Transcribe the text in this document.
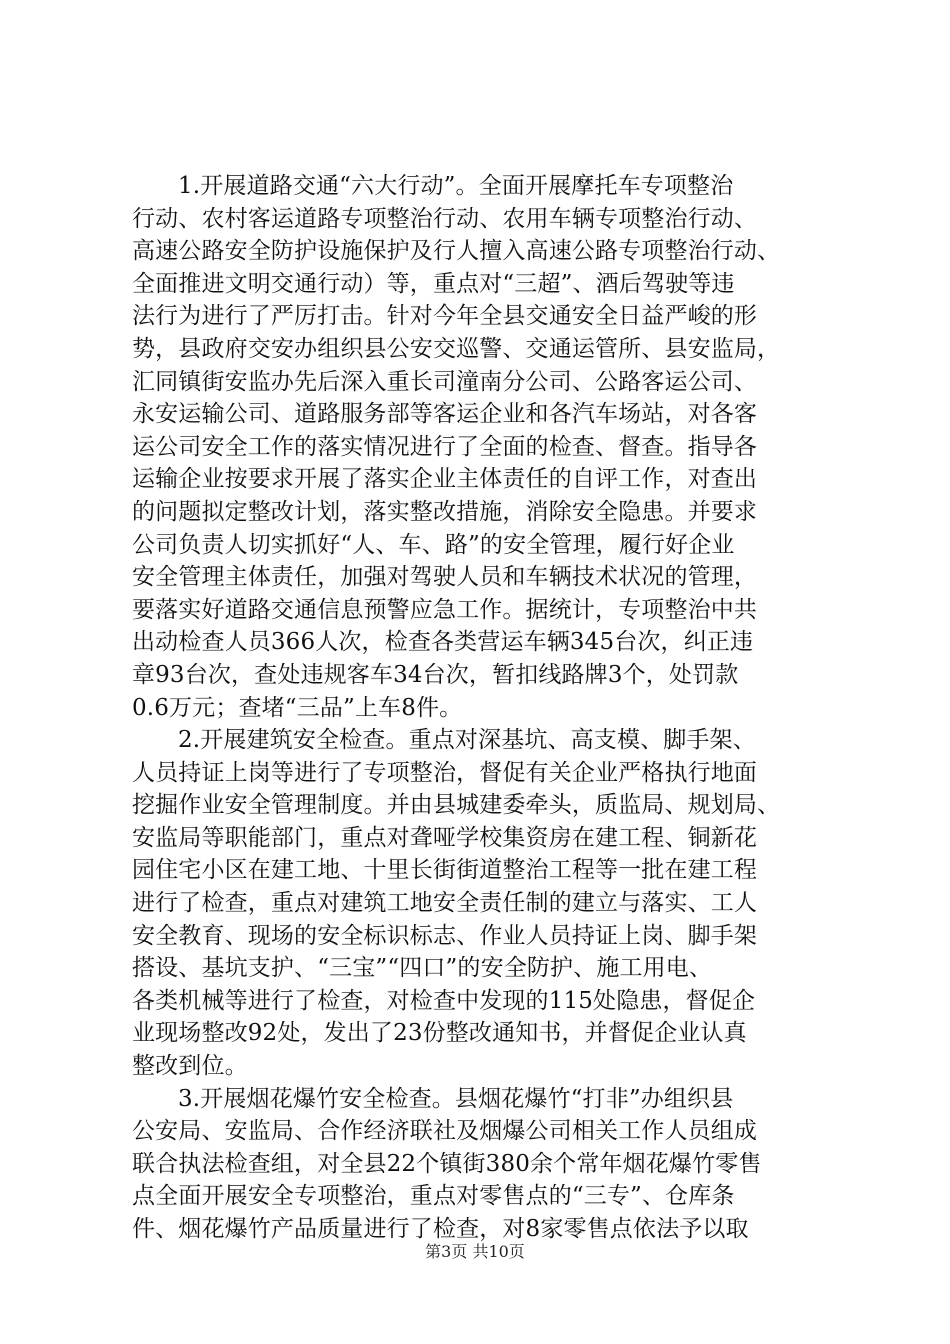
1.开展道路交通“六大行动”。全面开展摩托车专项整治
行动、农村客运道路专项整治行动、农用车辆专项整治行动、
高速公路安全防护设施保护及行人擅入高速公路专项整治行动、
全面推进文明交通行动）等，重点对“三超”、酒后驾驶等违
法行为进行了严厉打击。针对今年全县交通安全日益严峻的形
势，县政府交安办组织县公安交巡警、交通运管所、县安监局，
汇同镇街安监办先后深入重长司潼南分公司、公路客运公司、
永安运输公司、道路服务部等客运企业和各汽车场站，对各客
运公司安全工作的落实情况进行了全面的检查、督查。指导各
运输企业按要求开展了落实企业主体责任的自评工作，对查出
的问题拟定整改计划，落实整改措施，消除安全隐患。并要求
公司负责人切实抓好“人、车、路”的安全管理，履行好企业
安全管理主体责任，加强对驾驶人员和车辆技术状况的管理，
要落实好道路交通信息预警应急工作。据统计，专项整治中共
出动检查人员366人次，检查各类营运车辆345台次，纠正违
章93台次，查处违规客车34台次，暂扣线路牌3个，处罚款
0.6万元；查堵“三品”上车8件。
2.开展建筑安全检查。重点对深基坑、高支模、脚手架、
人员持证上岗等进行了专项整治，督促有关企业严格执行地面
挖掘作业安全管理制度。并由县城建委牵头，质监局、规划局、
安监局等职能部门，重点对聋哑学校集资房在建工程、铜新花
园住宅小区在建工地、十里长街街道整治工程等一批在建工程
进行了检查，重点对建筑工地安全责任制的建立与落实、工人
安全教育、现场的安全标识标志、作业人员持证上岗、脚手架
搭设、基坑支护、“三宝”“四口”的安全防护、施工用电、
各类机械等进行了检查，对检查中发现的115处隐患，督促企
业现场整改92处，发出了23份整改通知书，并督促企业认真
整改到位。
3.开展烟花爆竹安全检查。县烟花爆竹“打非”办组织县
公安局、安监局、合作经济联社及烟爆公司相关工作人员组成
联合执法检查组，对全县22个镇街380余个常年烟花爆竹零售
点全面开展安全专项整治，重点对零售点的“三专”、仓库条
件、烟花爆竹产品质量进行了检查，对8家零售点依法予以取
第3页 共10页
